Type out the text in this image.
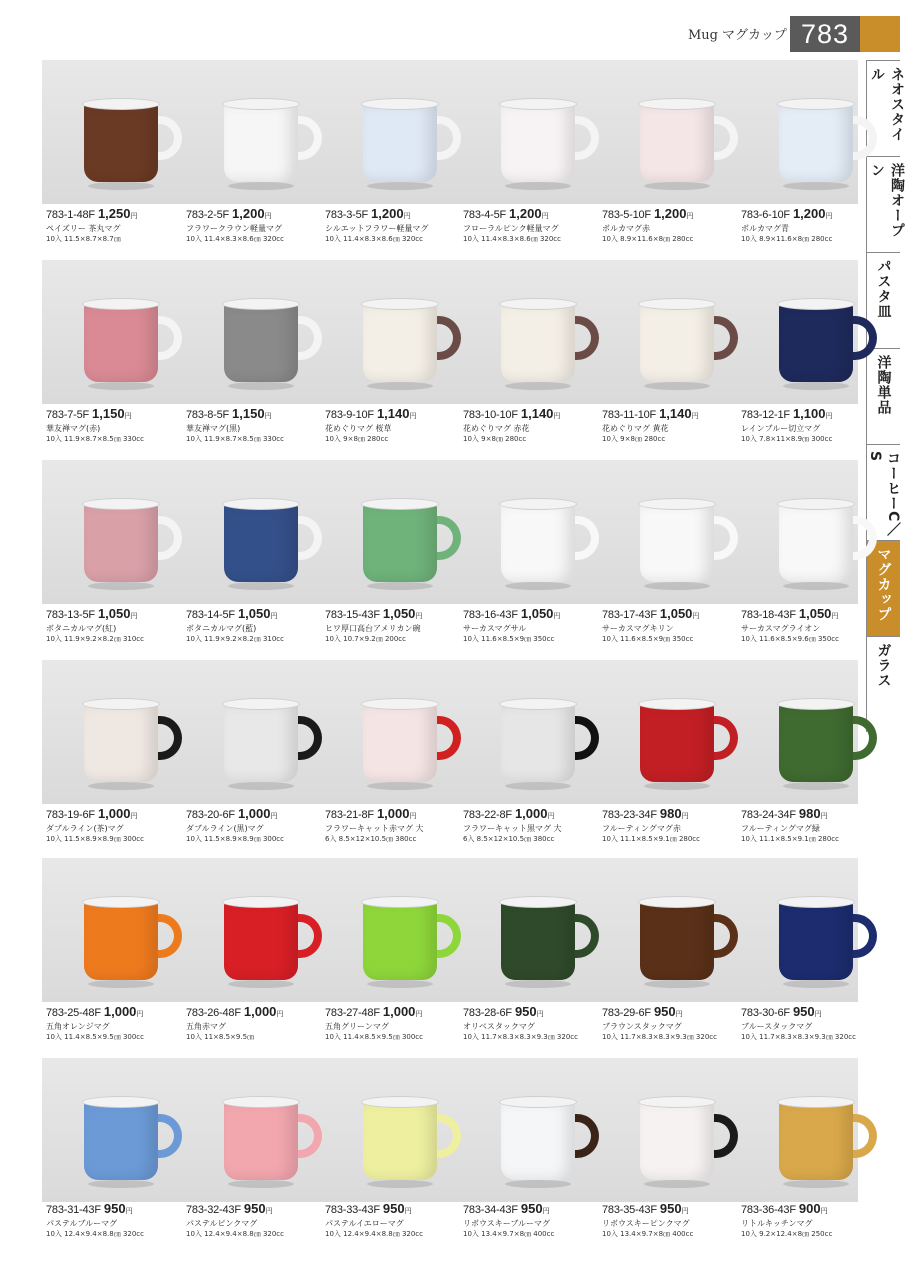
Mug マグカップ 783
ネオスタイル
洋陶オープン
パスタ皿
洋陶単品
コーヒーC／S
マグカップ
ガラス
783-1-48F 1,250円
ペイズリー 茶丸マグ
10入 11.5×8.7×8.7㎝
783-2-5F 1,200円
フラワークラウン軽量マグ
10入 11.4×8.3×8.6㎝ 320cc
783-3-5F 1,200円
シルエットフラワー軽量マグ
10入 11.4×8.3×8.6㎝ 320cc
783-4-5F 1,200円
フローラルピンク軽量マグ
10入 11.4×8.3×8.6㎝ 320cc
783-5-10F 1,200円
ボルカマグ赤
10入 8.9×11.6×8㎝ 280cc
783-6-10F 1,200円
ボルカマグ青
10入 8.9×11.6×8㎝ 280cc
783-7-5F 1,150円
華友禅マグ(赤)
10入 11.9×8.7×8.5㎝ 330cc
783-8-5F 1,150円
華友禅マグ(黒)
10入 11.9×8.7×8.5㎝ 330cc
783-9-10F 1,140円
花めぐりマグ 桜草
10入 9×8㎝ 280cc
783-10-10F 1,140円
花めぐりマグ 赤花
10入 9×8㎝ 280cc
783-11-10F 1,140円
花めぐりマグ 黄花
10入 9×8㎝ 280cc
783-12-1F 1,100円
レインブルー切立マグ
10入 7.8×11×8.9㎝ 300cc
783-13-5F 1,050円
ボタニカルマグ(紅)
10入 11.9×9.2×8.2㎝ 310cc
783-14-5F 1,050円
ボタニカルマグ(藍)
10入 11.9×9.2×8.2㎝ 310cc
783-15-43F 1,050円
ヒワ厚口高台アメリカン碗
10入 10.7×9.2㎝ 200cc
783-16-43F 1,050円
サーカスマグサル
10入 11.6×8.5×9㎝ 350cc
783-17-43F 1,050円
サーカスマグキリン
10入 11.6×8.5×9㎝ 350cc
783-18-43F 1,050円
サーカスマグライオン
10入 11.6×8.5×9.6㎝ 350cc
783-19-6F 1,000円
ダブルライン(茶)マグ
10入 11.5×8.9×8.9㎝ 300cc
783-20-6F 1,000円
ダブルライン(黒)マグ
10入 11.5×8.9×8.9㎝ 300cc
783-21-8F 1,000円
フラワーキャット赤マグ 大
6入 8.5×12×10.5㎝ 380cc
783-22-8F 1,000円
フラワーキャット黒マグ 大
6入 8.5×12×10.5㎝ 380cc
783-23-34F 980円
フルーティングマグ赤
10入 11.1×8.5×9.1㎝ 280cc
783-24-34F 980円
フルーティングマグ緑
10入 11.1×8.5×9.1㎝ 280cc
783-25-48F 1,000円
五角オレンジマグ
10入 11.4×8.5×9.5㎝ 300cc
783-26-48F 1,000円
五角赤マグ
10入 11×8.5×9.5㎝
783-27-48F 1,000円
五角グリーンマグ
10入 11.4×8.5×9.5㎝ 300cc
783-28-6F 950円
オリベスタックマグ
10入 11.7×8.3×8.3×9.3㎝ 320cc
783-29-6F 950円
ブラウンスタックマグ
10入 11.7×8.3×8.3×9.3㎝ 320cc
783-30-6F 950円
ブルースタックマグ
10入 11.7×8.3×8.3×9.3㎝ 320cc
783-31-43F 950円
パステルブルーマグ
10入 12.4×9.4×8.8㎝ 320cc
783-32-43F 950円
パステルピンクマグ
10入 12.4×9.4×8.8㎝ 320cc
783-33-43F 950円
パステルイエローマグ
10入 12.4×9.4×8.8㎝ 320cc
783-34-43F 950円
リボウスキーブルーマグ
10入 13.4×9.7×8㎝ 400cc
783-35-43F 950円
リボウスキーピンクマグ
10入 13.4×9.7×8㎝ 400cc
783-36-43F 900円
リトルキッチンマグ
10入 9.2×12.4×8㎝ 250cc
